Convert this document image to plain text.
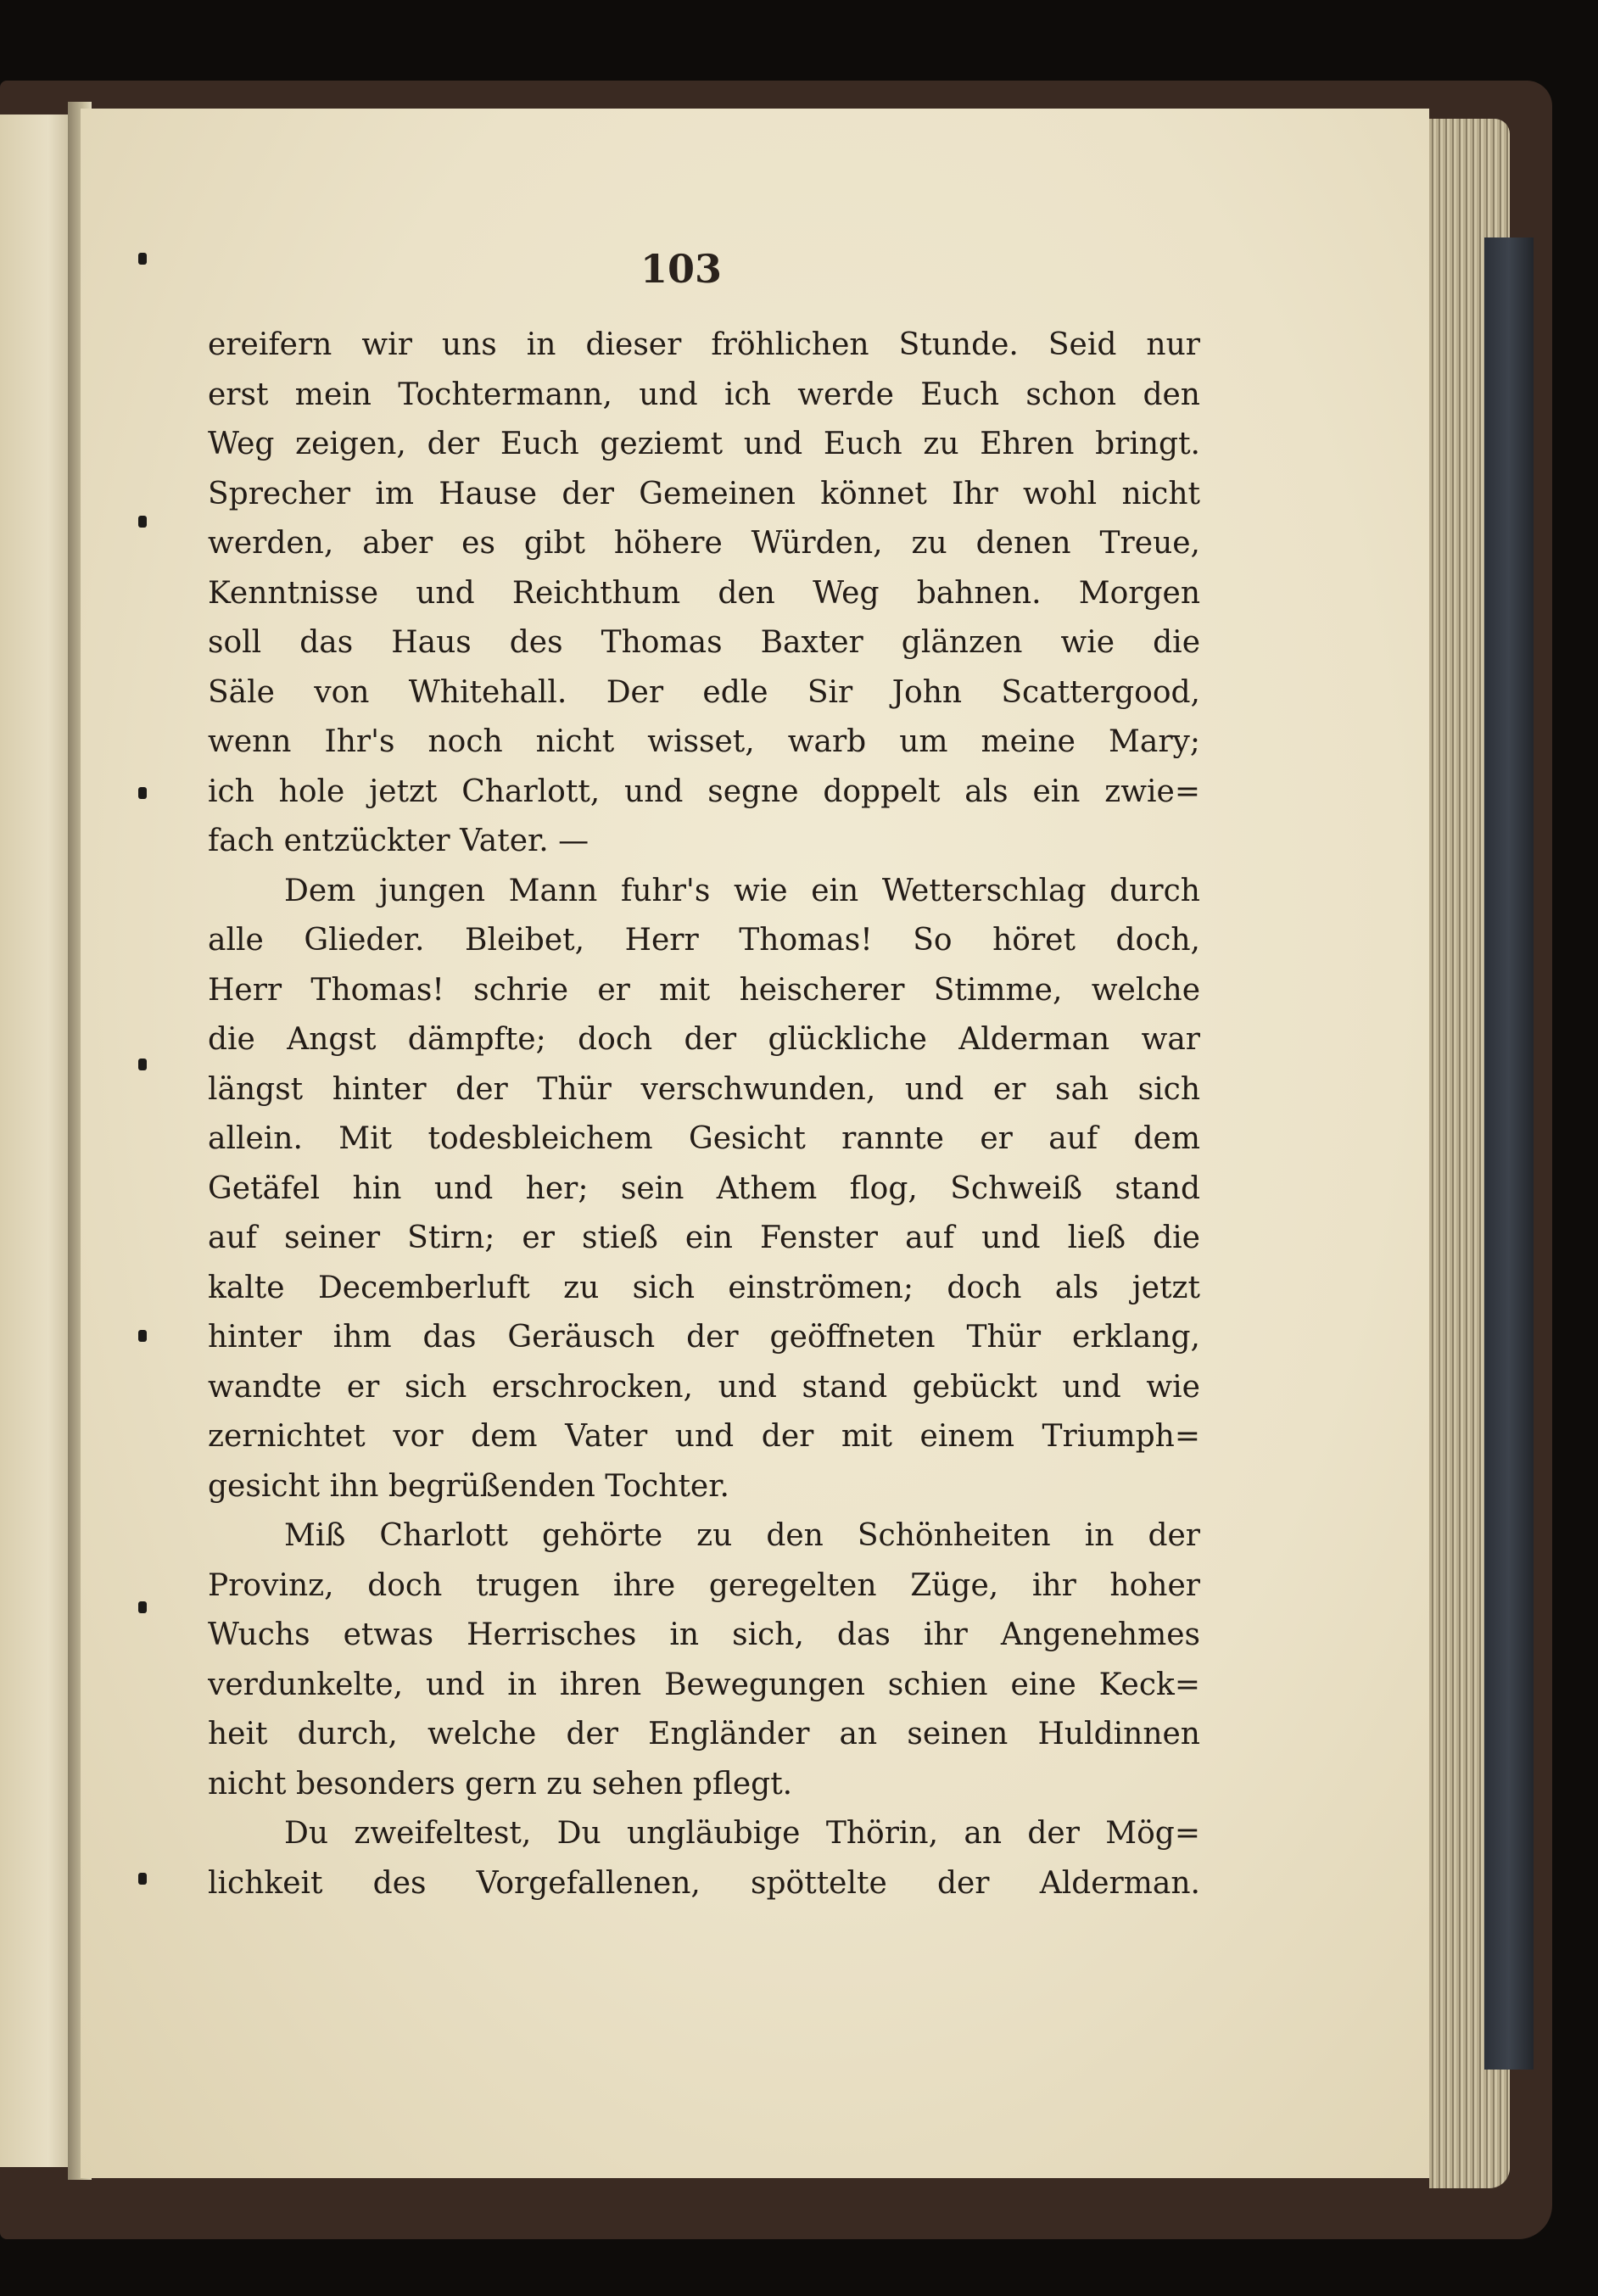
103
ereifern wir uns in dieser fröhlichen Stunde. Seid nur
erst mein Tochtermann, und ich werde Euch schon den
Weg zeigen, der Euch geziemt und Euch zu Ehren bringt.
Sprecher im Hause der Gemeinen könnet Ihr wohl nicht
werden, aber es gibt höhere Würden, zu denen Treue,
Kenntnisse und Reichthum den Weg bahnen. Morgen
soll das Haus des Thomas Baxter glänzen wie die
Säle von Whitehall. Der edle Sir John Scattergood,
wenn Ihr's noch nicht wisset, warb um meine Mary;
ich hole jetzt Charlott, und segne doppelt als ein zwie=
fach entzückter Vater. —
Dem jungen Mann fuhr's wie ein Wetterschlag durch
alle Glieder. Bleibet, Herr Thomas! So höret doch,
Herr Thomas! schrie er mit heischerer Stimme, welche
die Angst dämpfte; doch der glückliche Alderman war
längst hinter der Thür verschwunden, und er sah sich
allein. Mit todesbleichem Gesicht rannte er auf dem
Getäfel hin und her; sein Athem flog, Schweiß stand
auf seiner Stirn; er stieß ein Fenster auf und ließ die
kalte Decemberluft zu sich einströmen; doch als jetzt
hinter ihm das Geräusch der geöffneten Thür erklang,
wandte er sich erschrocken, und stand gebückt und wie
zernichtet vor dem Vater und der mit einem Triumph=
gesicht ihn begrüßenden Tochter.
Miß Charlott gehörte zu den Schönheiten in der
Provinz, doch trugen ihre geregelten Züge, ihr hoher
Wuchs etwas Herrisches in sich, das ihr Angenehmes
verdunkelte, und in ihren Bewegungen schien eine Keck=
heit durch, welche der Engländer an seinen Huldinnen
nicht besonders gern zu sehen pflegt.
Du zweifeltest, Du ungläubige Thörin, an der Mög=
lichkeit des Vorgefallenen, spöttelte der Alderman.
